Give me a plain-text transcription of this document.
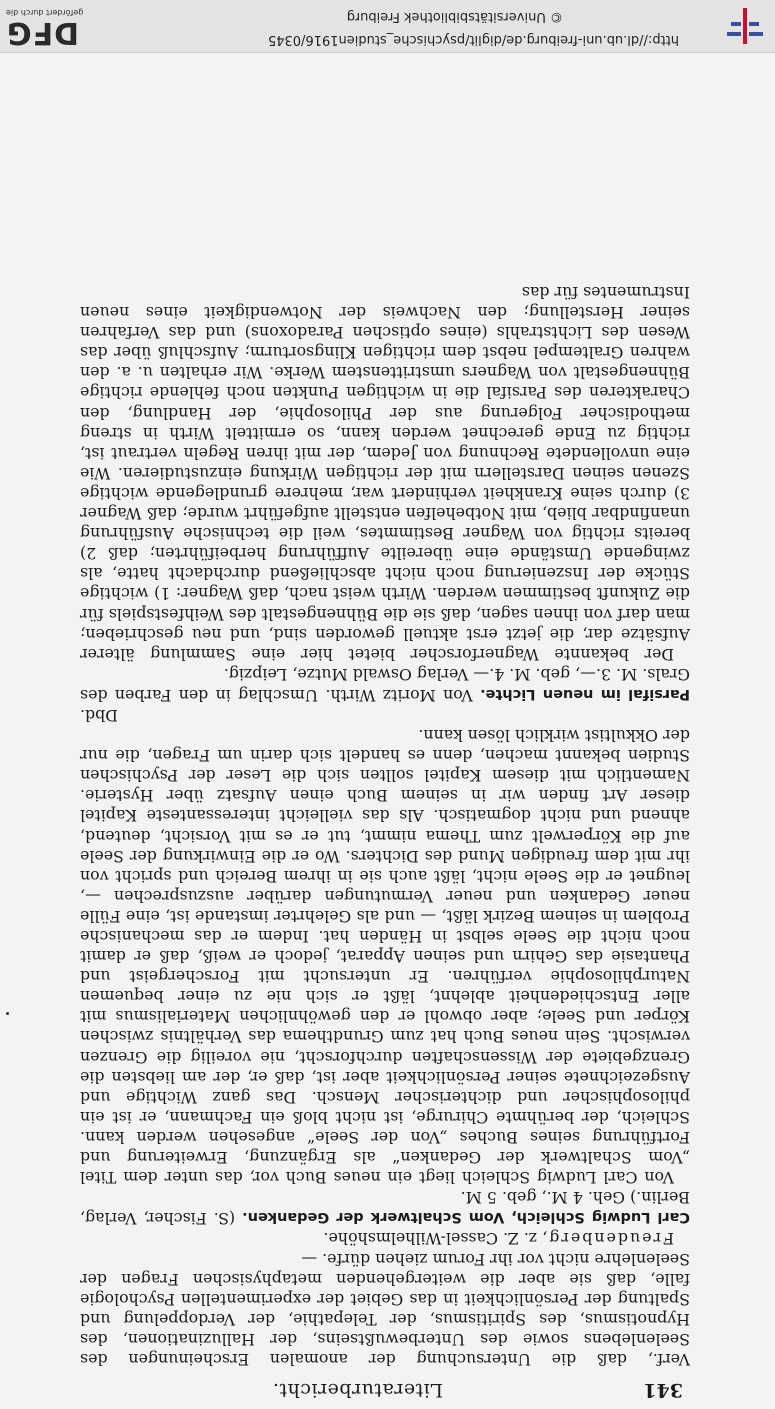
http://dl.ub.uni-freiburg.de/diglit/psychische_studien1916/0345
© Universitätsbibliothek Freiburg
DFG
gefördert durch die
341
Literaturbericht.

Verf., daß die Untersuchung der anomalen Erscheinungen des Seelenlebens sowie des Unterbewußtseins, der Halluzinationen, des Hypnotismus, des Spiritismus, der Telepathie, der Verdoppelung und Spaltung der Persönlichkeit in das Gebiet der experimentellen Psychologie falle, daß sie aber die weitergehenden metaphysischen Fragen der Seelenlehre nicht vor ihr Forum ziehen dürfe. —

Freudenberg, z. Z. Cassel-Wilhelmshöhe.

Carl Ludwig Schleich, Vom Schaltwerk der Gedanken. (S. Fischer, Verlag, Berlin.) Geh. 4 M., geb. 5 M.

Von Carl Ludwig Schleich liegt ein neues Buch vor, das unter dem Titel „Vom Schaltwerk der Gedanken“ als Ergänzung, Erweiterung und Fortführung seines Buches „Von der Seele“ angesehen werden kann. Schleich, der berühmte Chirurge, ist nicht bloß ein Fachmann, er ist ein philosophischer und dichterischer Mensch. Das ganz Wichtige und Ausgezeichnete seiner Persönlichkeit aber ist, daß er, der am liebsten die Grenzgebiete der Wissenschaften durchforscht, nie voreilig die Grenzen verwischt. Sein neues Buch hat zum Grundthema das Verhältnis zwischen Körper und Seele; aber obwohl er den gewöhnlichen Materialismus mit aller Entschiedenheit ablehnt, läßt er sich nie zu einer bequemen Naturphilosophie verführen. Er untersucht mit Forschergeist und Phantasie das Gehirn und seinen Apparat, jedoch er weiß, daß er damit noch nicht die Seele selbst in Händen hat. Indem er das mechanische Problem in seinem Bezirk läßt, — und als Gelehrter imstande ist, eine Fülle neuer Gedanken und neuer Vermutungen darüber auszusprechen —, leugnet er die Seele nicht, läßt auch sie in ihrem Bereich und spricht von ihr mit dem freudigen Mund des Dichters. Wo er die Einwirkung der Seele auf die Körperwelt zum Thema nimmt, tut er es mit Vorsicht, deutend, ahnend und nicht dogmatisch. Als das vielleicht interessanteste Kapitel dieser Art finden wir in seinem Buch einen Aufsatz über Hysterie. Namentlich mit diesem Kapitel sollten sich die Leser der Psychischen Studien bekannt machen, denn es handelt sich darin um Fragen, die nur der Okkultist wirklich lösen kann.

Dbd.

Parsifal im neuen Lichte. Von Moritz Wirth. Umschlag in den Farben des Grals. M. 3.—, geb. M. 4.— Verlag Oswald Mutze, Leipzig.

Der bekannte Wagnerforscher bietet hier eine Sammlung älterer Aufsätze dar, die jetzt erst aktuell geworden sind, und neu geschrieben; man darf von ihnen sagen, daß sie die Bühnengestalt des Weihfestspiels für die Zukunft bestimmen werden. Wirth weist nach, daß Wagner: 1) wichtige Stücke der Inszenierung noch nicht abschließend durchdacht hatte, als zwingende Umstände eine übereilte Aufführung herbeiführten; daß 2) bereits richtig von Wagner Bestimmtes, weil die technische Ausführung unanfindbar blieb, mit Notbehelfen entstellt aufgeführt wurde; daß Wagner 3) durch seine Krankheit verhindert war, mehrere grundlegende wichtige Szenen seinen Darstellern mit der richtigen Wirkung einzustudieren. Wie eine unvollendete Rechnung von Jedem, der mit ihren Regeln vertraut ist, richtig zu Ende gerechnet werden kann, so ermittelt Wirth in streng methodischer Folgerung aus der Philosophie, der Handlung, den Charakteren des Parsifal die in wichtigen Punkten noch fehlende richtige Bühnengestalt von Wagners umstrittenstem Werke. Wir erhalten u. a. den wahren Graltempel nebst dem richtigen Klingsorturm; Aufschluß über das Wesen des Lichtstrahls (eines optischen Paradoxons) und das Verfahren seiner Herstellung; den Nachweis der Notwendigkeit eines neuen Instrumentes für das
